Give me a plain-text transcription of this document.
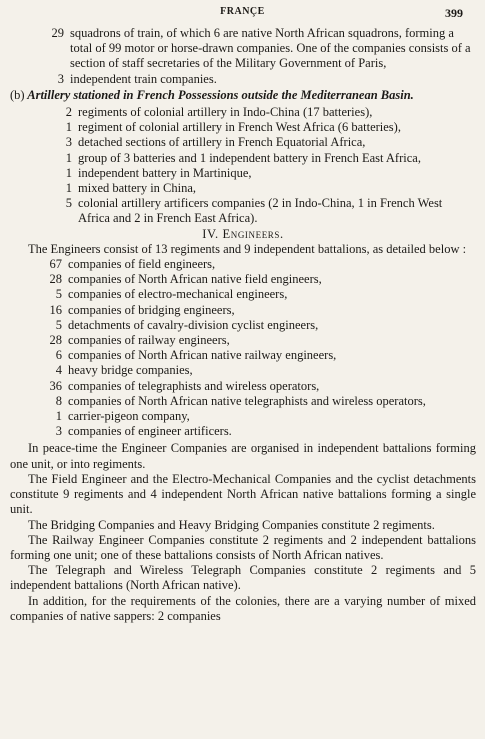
FRANÇE	399
29 squadrons of train, of which 6 are native North African squadrons, forming a total of 99 motor or horse-drawn companies. One of the companies consists of a section of staff secretaries of the Military Government of Paris,
3 independent train companies.
(b) Artillery stationed in French Possessions outside the Mediterranean Basin.
2 regiments of colonial artillery in Indo-China (17 batteries),
1 regiment of colonial artillery in French West Africa (6 batteries),
3 detached sections of artillery in French Equatorial Africa,
1 group of 3 batteries and 1 independent battery in French East Africa,
1 independent battery in Martinique,
1 mixed battery in China,
5 colonial artillery artificers companies (2 in Indo-China, 1 in French West Africa and 2 in French East Africa).
IV. Engineers.

The Engineers consist of 13 regiments and 9 independent battalions, as detailed below :

67 companies of field engineers,
28 companies of North African native field engineers,
5 companies of electro-mechanical engineers,
16 companies of bridging engineers,
5 detachments of cavalry-division cyclist engineers,
28 companies of railway engineers,
6 companies of North African native railway engineers,
4 heavy bridge companies,
36 companies of telegraphists and wireless operators,
8 companies of North African native telegraphists and wireless operators,
1 carrier-pigeon company,
3 companies of engineer artificers.

In peace-time the Engineer Companies are organised in independent battalions forming one unit, or into regiments.

The Field Engineer and the Electro-Mechanical Companies and the cyclist detachments constitute 9 regiments and 4 independent North African native battalions forming a single unit.

The Bridging Companies and Heavy Bridging Companies constitute 2 regiments.

The Railway Engineer Companies constitute 2 regiments and 2 independent battalions forming one unit; one of these battalions consists of North African natives.

The Telegraph and Wireless Telegraph Companies constitute 2 regiments and 5 independent battalions (North African native).

In addition, for the requirements of the colonies, there are a varying number of mixed companies of native sappers: 2 companies
